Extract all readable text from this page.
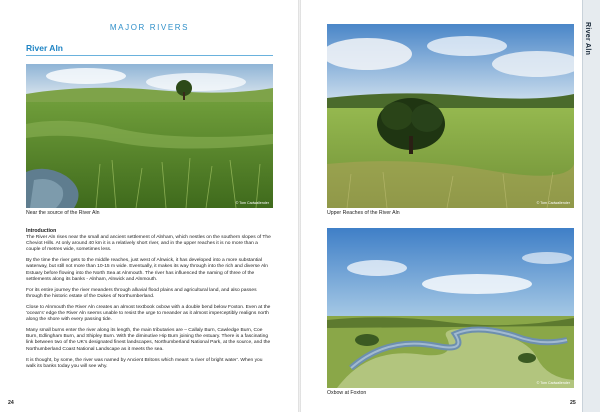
MAJOR RIVERS
River Aln
© Tom Cadwallender
Near the source of the River Aln
Introduction

The River Aln rises near the small and ancient settlement of Alnham, which nestles on the southern slopes of The Cheviot Hills. At only around 40 km it is a relatively short river, and in the upper reaches it is no more than a couple of metres wide, sometimes less.

By the time the river gets to the middle reaches, just west of Alnwick, it has developed into a more substantial waterway, but still not more than 10-15 m wide. Eventually, it makes its way through into the rich and diverse Aln Estuary before flowing into the North Sea at Alnmouth. The river has influenced the naming of three of the settlements along its banks - Alnham, Alnwick and Alnmouth.

For its entire journey the river meanders through alluvial flood plains and agricultural land, and also passes through the historic estate of the Dukes of Northumberland.

Close to Alnmouth the River Aln creates an almost textbook oxbow with a double bend below Foxton. Even at the 'ocean's' edge the River Aln seems unable to resist the urge to meander as it almost imperceptibly realigns north along the shore with every passing tide.

Many small burns enter the river along its length, the main tributaries are – Callaly Burn, Cawledge Burn, Coe Burn, Edlingham Burn, and Shipley Burn. With the diminutive Hip Burn joining the estuary. There is a fascinating link between two of the UK's designated finest landscapes, Northumberland National Park, at the source, and the Northumberland Coast National Landscape as it meets the sea.

It is thought, by some, the river was named by Ancient Britons which meant 'a river of bright water'. When you walk its banks today you will see why.

24
© Tom Cadwallender
Upper Reaches of the River Aln
© Tom Cadwallender
Oxbow at Foxton
25
River Aln
